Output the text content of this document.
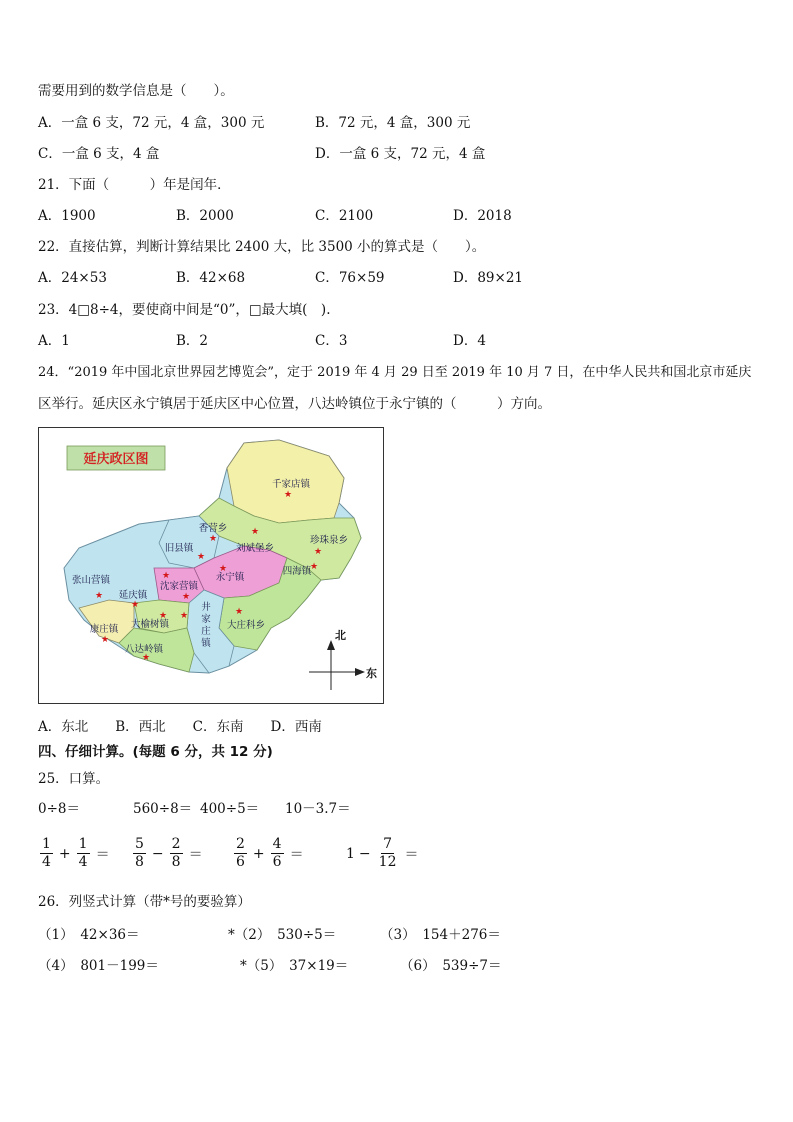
需要用到的数学信息是（　　）。
A．一盒 6 支，72 元，4 盒，300 元	B．72 元，4 盒，300 元
C．一盒 6 支，4 盒	D．一盒 6 支，72 元，4 盒
21．下面（　　　）年是闰年．
A．1900	B．2000	C．2100	D．2018
22．直接估算，判断计算结果比 2400 大，比 3500 小的算式是（　　）。
A．24×53	B．42×68	C．76×59	D．89×21
23．4□8÷4，要使商中间是“0”，□最大填(　).
A．1	B．2	C．3	D．4
24．“2019 年中国北京世界园艺博览会”，定于 2019 年 4 月 29 日至 2019 年 10 月 7 日，在中华人民共和国北京市延庆
区举行。延庆区永宁镇居于延庆区中心位置，八达岭镇位于永宁镇的（　　　）方向。
延庆政区图
★
★
★
★
★
★
★
★
★	★
★
★	★
★
★
★
千家店镇
香营乡
珍珠泉乡
刘斌堡乡
旧县镇
四海镇
张山营镇
沈家营镇
永宁镇
延庆镇
井
家
庄
镇
大榆树镇	大庄科乡
康庄镇
八达岭镇
北
东
A．东北　　B．西北　　C．东南　　D．西南
四、仔细计算。(每题 6 分，共 12 分)
25．口算。
0÷8＝	560÷8＝ 400÷5＝ 10－3.7＝
$\frac{1}{4} + \frac{1}{4} = \frac{5}{8} - \frac{2}{8} = \frac{2}{6} + \frac{4}{6}$ ＝	$1 - \frac{7}{12}$ ＝
26．列竖式计算（带*号的要验算）
（1）　42×36＝	*（2）　530÷5＝	（3）　154＋276＝
（4）　801－199＝	*（5）　37×19＝	（6）　539÷7＝
